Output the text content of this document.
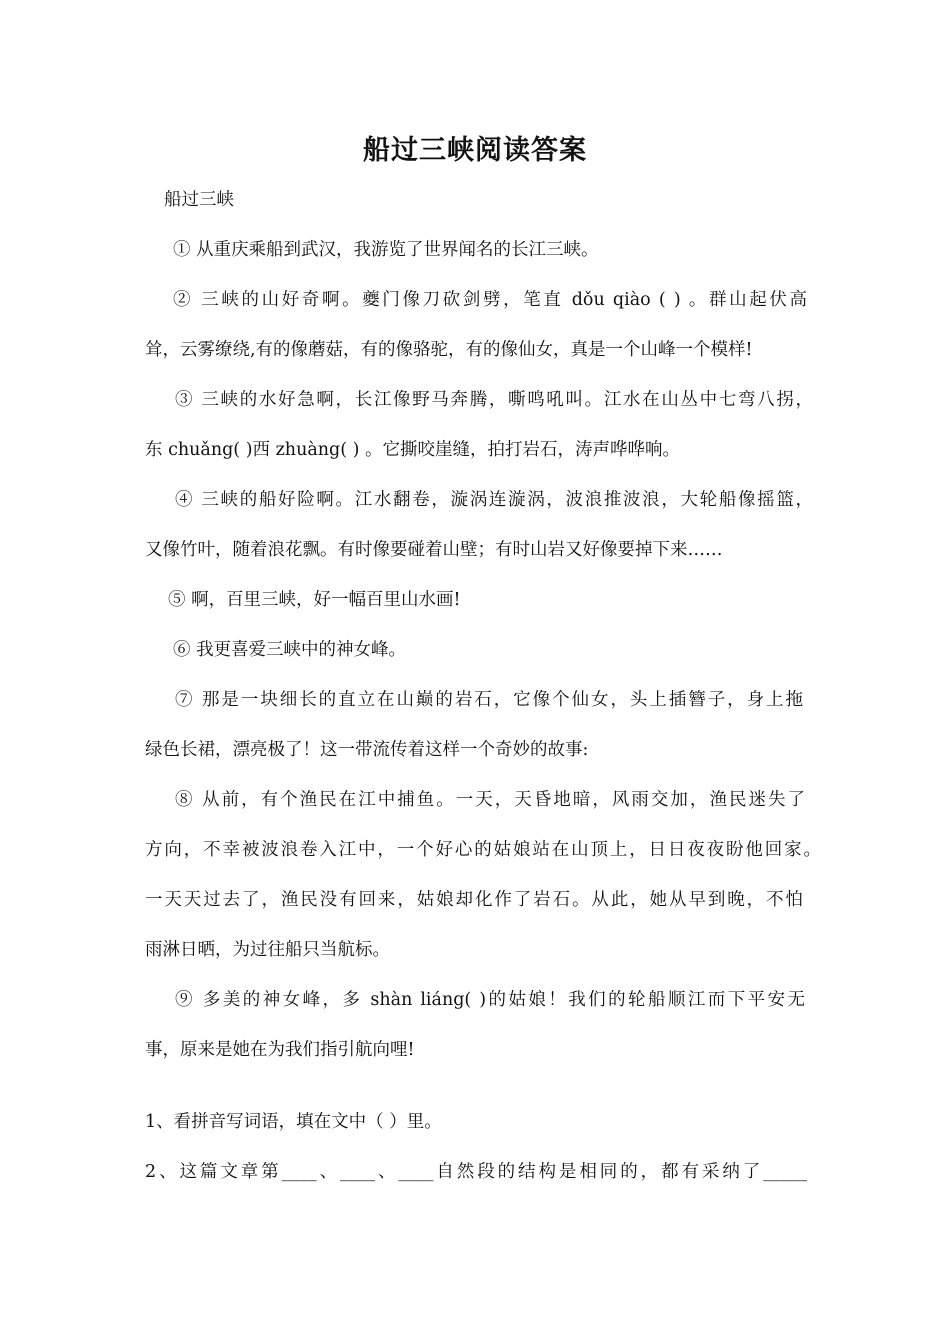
船过三峡阅读答案
船过三峡
① 从重庆乘船到武汉，我游览了世界闻名的长江三峡。
② 三峡的山好奇啊。夔门像刀砍剑劈，笔直 dǒu qiào ( ) 。群山起伏高
耸，云雾缭绕,有的像蘑菇，有的像骆驼，有的像仙女，真是一个山峰一个模样!
③ 三峡的水好急啊，长江像野马奔腾，嘶鸣吼叫。江水在山丛中七弯八拐，
东 chuǎng( )西 zhuàng( ) 。它撕咬崖缝，拍打岩石，涛声哗哗响。
④ 三峡的船好险啊。江水翻卷，漩涡连漩涡，波浪推波浪，大轮船像摇篮，
又像竹叶，随着浪花飘。有时像要碰着山壁；有时山岩又好像要掉下来……
⑤ 啊，百里三峡，好一幅百里山水画!
⑥ 我更喜爱三峡中的神女峰。
⑦ 那是一块细长的直立在山巅的岩石，它像个仙女，头上插簪子，身上拖
绿色长裙，漂亮极了！这一带流传着这样一个奇妙的故事:
⑧ 从前，有个渔民在江中捕鱼。一天，天昏地暗，风雨交加，渔民迷失了
方向，不幸被波浪卷入江中，一个好心的姑娘站在山顶上，日日夜夜盼他回家。
一天天过去了，渔民没有回来，姑娘却化作了岩石。从此，她从早到晚，不怕
雨淋日晒，为过往船只当航标。
⑨ 多美的神女峰，多 shàn liáng( )的姑娘！我们的轮船顺江而下平安无
事，原来是她在为我们指引航向哩!
1、看拼音写词语，填在文中（ ）里。
2、这篇文章第____、____、____自然段的结构是相同的，都有采纳了_____
